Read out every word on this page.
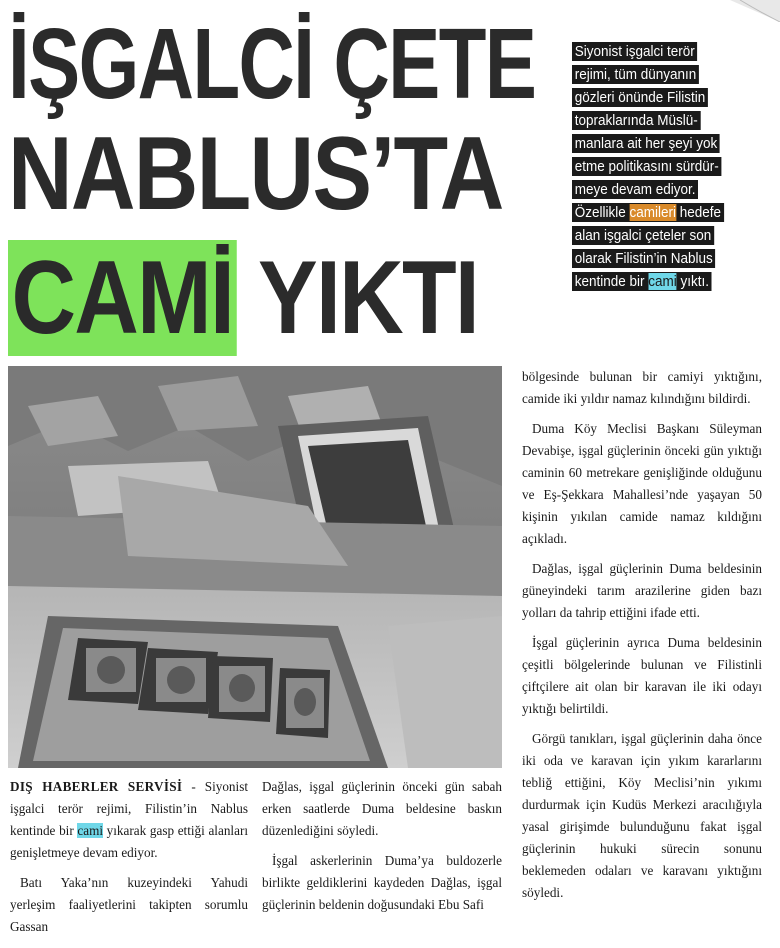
İŞGALCİ ÇETE
NABLUS’TA
CAMİ YIKTI
Siyonist işgalci terör
rejimi, tüm dünyanın
gözleri önünde Filistin
topraklarında Müslü-
manlara ait her şeyi yok
etme politikasını sürdür-
meye devam ediyor.
Özellikle camileri hedefe
alan işgalci çeteler son
olarak Filistin’in Nablus
kentinde bir cami yıktı.

DIŞ HABERLER SERVİSİ - Siyonist işgalci terör rejimi, Filistin’in Nablus kentinde bir cami yıkarak gasp ettiği alanları genişletmeye devam ediyor.

Batı Yaka’nın kuzeyindeki Yahudi yerleşim faaliyetlerini takipten sorumlu Gassan

Dağlas, işgal güçlerinin önceki gün sabah erken saatlerde Duma beldesine baskın düzenlediğini söyledi.

İşgal askerlerinin Duma’ya buldozerle birlikte geldiklerini kaydeden Dağlas, işgal güçlerinin beldenin doğusundaki Ebu Safi

bölgesinde bulunan bir camiyi yıktığını, camide iki yıldır namaz kılındığını bildirdi.

Duma Köy Meclisi Başkanı Süleyman Devabişe, işgal güçlerinin önceki gün yıktığı caminin 60 metrekare genişliğinde olduğunu ve Eş-Şekkara Mahallesi’nde yaşayan 50 kişinin yıkılan camide namaz kıldığını açıkladı.

Dağlas, işgal güçlerinin Duma beldesinin güneyindeki tarım arazilerine giden bazı yolları da tahrip ettiğini ifade etti.

İşgal güçlerinin ayrıca Duma beldesinin çeşitli bölgelerinde bulunan ve Filistinli çiftçilere ait olan bir karavan ile iki odayı yıktığı belirtildi.

Görgü tanıkları, işgal güçlerinin daha önce iki oda ve karavan için yıkım kararlarını tebliğ ettiğini, Köy Meclisi’nin yıkımı durdurmak için Kudüs Merkezi aracılığıyla yasal girişimde bulunduğunu fakat işgal güçlerinin hukuki sürecin sonunu beklemeden odaları ve karavanı yıktığını söyledi.
